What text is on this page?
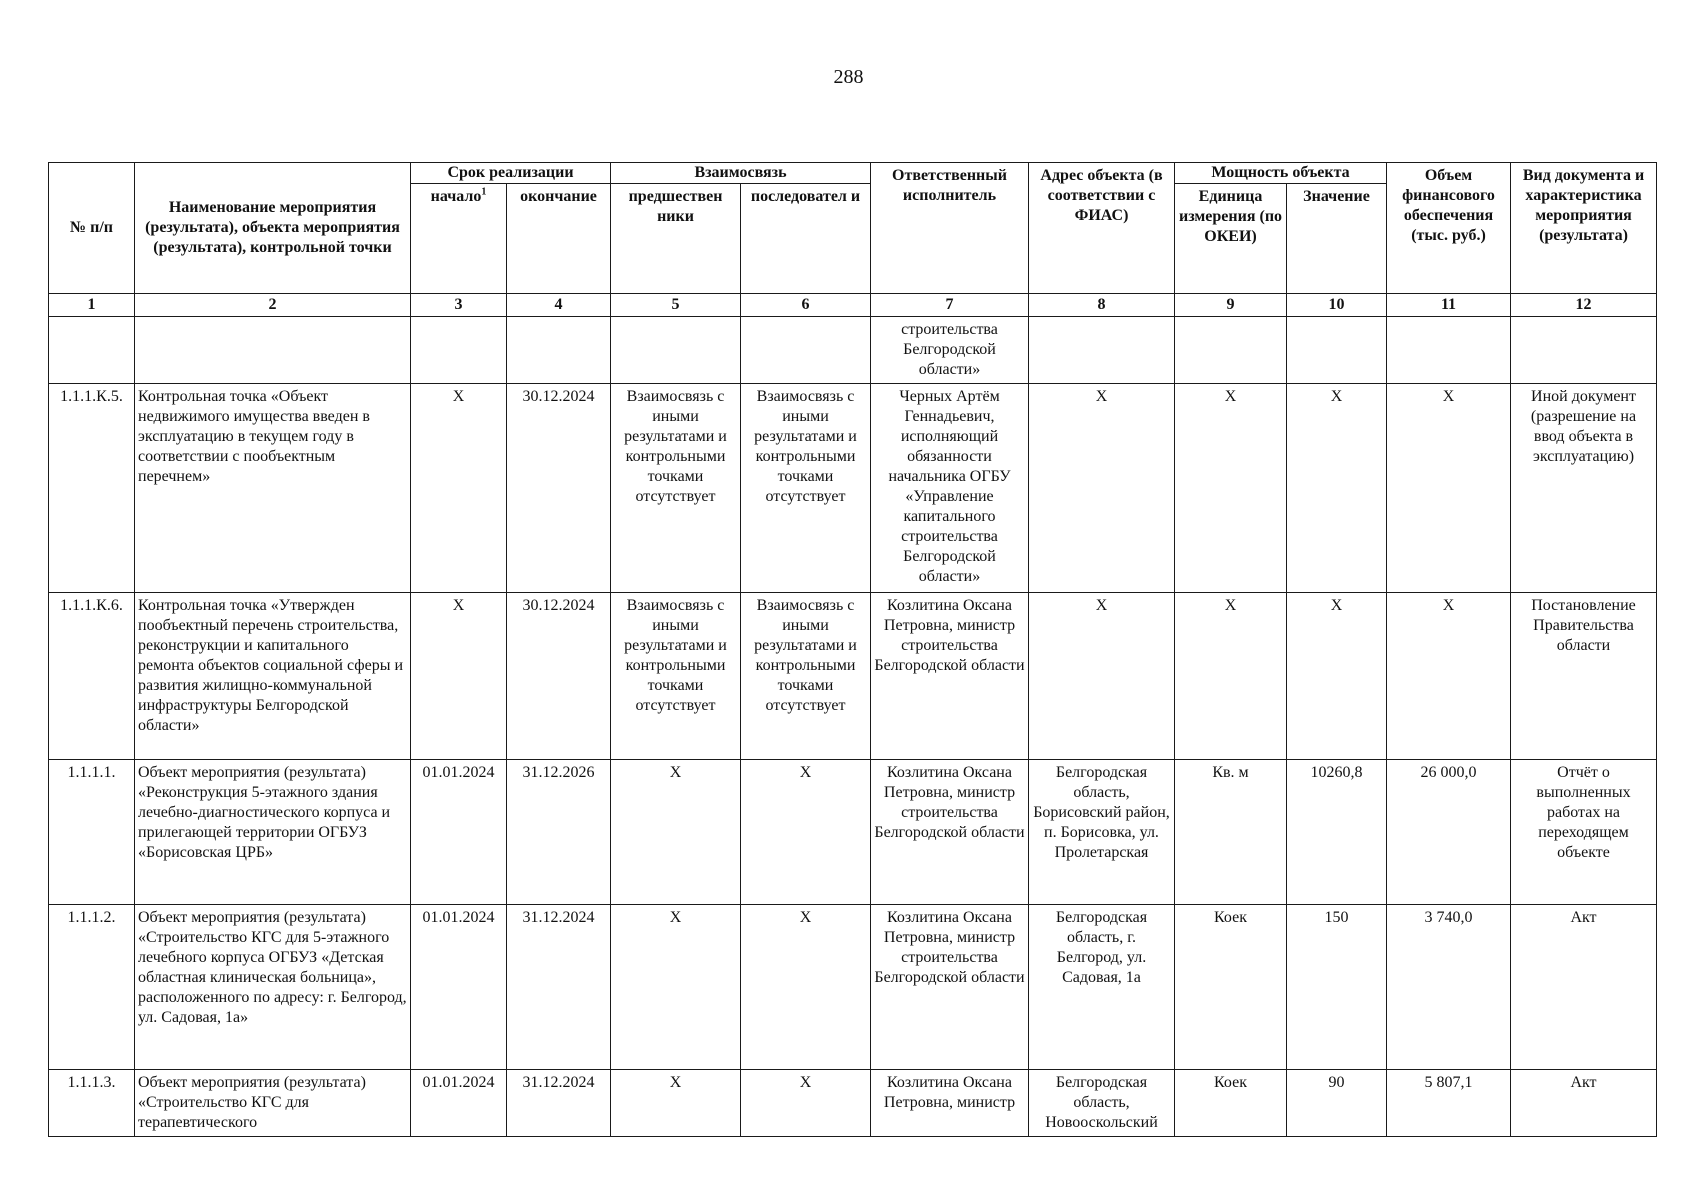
288
№ п/п	Наименование мероприятия (результата), объекта мероприятия (результата), контрольной точки	Срок реализации		Взаимосвязь		Ответственный исполнитель	Адрес объекта (в соответствии с ФИАС)	Мощность объекта		Объем финансового обеспечения (тыс. руб.)	Вид документа и характеристика мероприятия (результата)
		начало$^1$	окончание	предшествен ники	последовател и			Единица измерения (по ОКЕИ)	Значение		
1	2	3	4	5	6	7	8	9	10	11	12
						строительства Белгородской области»					
1.1.1.К.5.	Контрольная точка «Объект недвижимого имущества введен в эксплуатацию в текущем году в соответствии с пообъектным перечнем»	Х	30.12.2024	Взаимосвязь с иными результатами и контрольными точками отсутствует	Взаимосвязь с иными результатами и контрольными точками отсутствует	Черных Артём Геннадьевич, исполняющий обязанности начальника ОГБУ «Управление капитального строительства Белгородской области»	Х	Х	Х	Х	Иной документ (разрешение на ввод объекта в эксплуатацию)
1.1.1.К.6.	Контрольная точка «Утвержден пообъектный перечень строительства, реконструкции и капитального ремонта объектов социальной сферы и развития жилищно-коммунальной инфраструктуры Белгородской области»	Х	30.12.2024	Взаимосвязь с иными результатами и контрольными точками отсутствует	Взаимосвязь с иными результатами и контрольными точками отсутствует	Козлитина Оксана Петровна, министр строительства Белгородской области	Х	Х	Х	Х	Постановление Правительства области
1.1.1.1.	Объект мероприятия (результата) «Реконструкция 5-этажного здания лечебно-диагностического корпуса и прилегающей территории ОГБУЗ «Борисовская ЦРБ»	01.01.2024	31.12.2026	Х	Х	Козлитина Оксана Петровна, министр строительства Белгородской области	Белгородская область, Борисовский район, п. Борисовка, ул. Пролетарская	Кв. м	10260,8	26 000,0	Отчёт о выполненных работах на переходящем объекте
1.1.1.2.	Объект мероприятия (результата) «Строительство КГС для 5-этажного лечебного корпуса ОГБУЗ «Детская областная клиническая больница», расположенного по адресу: г. Белгород, ул. Садовая, 1а»	01.01.2024	31.12.2024	Х	Х	Козлитина Оксана Петровна, министр строительства Белгородской области	Белгородская область, г. Белгород, ул. Садовая, 1а	Коек	150	3 740,0	Акт
1.1.1.3.	Объект мероприятия (результата) «Строительство КГС для терапевтического	01.01.2024	31.12.2024	Х	Х	Козлитина Оксана Петровна, министр	Белгородская область, Новооскольский	Коек	90	5 807,1	Акт
